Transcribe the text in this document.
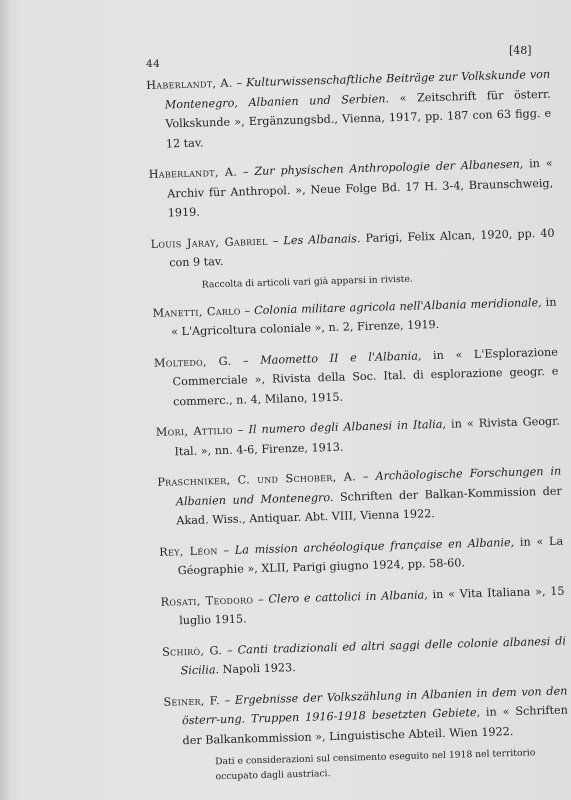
44
[48]

Haberlandt, A. – Kulturwissenschaftliche Beiträge zur Volkskunde von Montenegro, Albanien und Serbien. « Zeitschrift für österr. Volkskunde », Ergänzungsbd., Vienna, 1917, pp. 187 con 63 figg. e 12 tav.

Haberlandt, A. – Zur physischen Anthropologie der Albanesen, in « Archiv für Anthropol. », Neue Folge Bd. 17 H. 3-4, Braunschweig, 1919.

Louis Jaray, Gabriel – Les Albanais. Parigi, Felix Alcan, 1920, pp. 40 con 9 tav.

Raccolta di articoli vari già apparsi in riviste.

Manetti, Carlo – Colonia militare agricola nell'Albania meridionale, in « L'Agricoltura coloniale », n. 2, Firenze, 1919.

Moltedo, G. – Maometto II e l'Albania, in « L'Esplorazione Commerciale », Rivista della Soc. Ital. di esplorazione geogr. e commerc., n. 4, Milano, 1915.

Mori, Attilio – Il numero degli Albanesi in Italia, in « Rivista Geogr. Ital. », nn. 4-6, Firenze, 1913.

Praschniker, C. und Schober, A. – Archäologische Forschungen in Albanien und Montenegro. Schriften der Balkan-Kommission der Akad. Wiss., Antiquar. Abt. VIII, Vienna 1922.

Rey, Léon – La mission archéologique française en Albanie, in « La Géographie », XLII, Parigi giugno 1924, pp. 58-60.

Rosati, Teodoro – Clero e cattolici in Albania, in « Vita Italiana », 15 luglio 1915.

Schirò, G. – Canti tradizionali ed altri saggi delle colonie albanesi di Sicilia. Napoli 1923.

Seiner, F. – Ergebnisse der Volkszählung in Albanien in dem von den österr-ung. Truppen 1916-1918 besetzten Gebiete, in « Schriften der Balkankommission », Linguistische Abteil. Wien 1922.

Dati e considerazioni sul censimento eseguito nel 1918 nel territorio occupato dagli austriaci.
